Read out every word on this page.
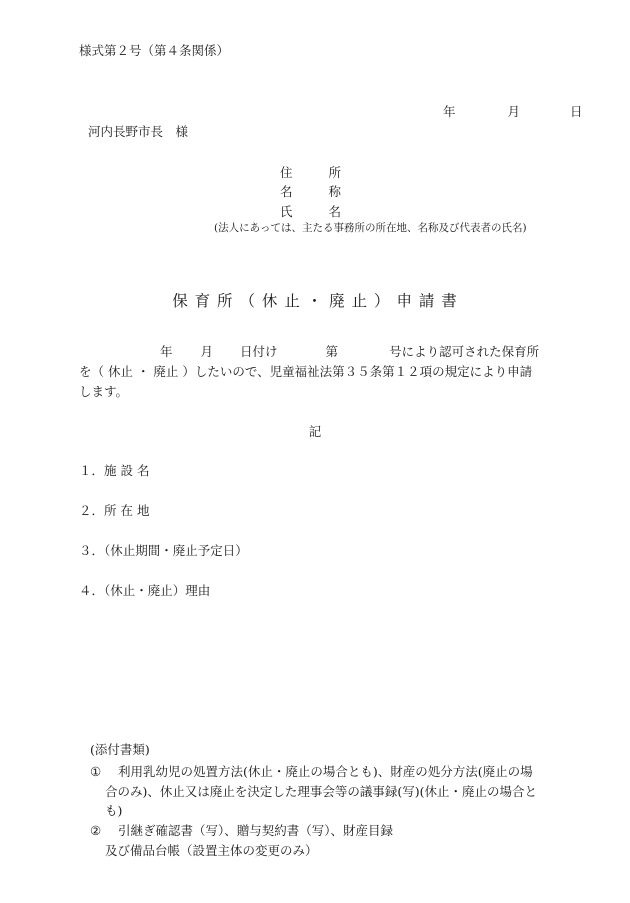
様式第２号（第４条関係）
年	月	日
河内長野市長　様
住	所
名	称
氏	名
(法人にあっては、主たる事務所の所在地、名称及び代表者の氏名)
保 育 所 （ 休 止 ・ 廃 止 ） 申 請 書
年 月 日付け	第	号により認可された保育所
を（ 休止 ・ 廃止 ）したいので、児童福祉法第３５条第１２項の規定により申請
します。
記
１．施 設 名
２．所 在 地
３．（休止期間・廃止予定日）
４．（休止・廃止）理由
(添付書類)
① 利用乳幼児の処置方法(休止・廃止の場合とも)、財産の処分方法(廃止の場
合のみ)、休止又は廃止を決定した理事会等の議事録(写)(休止・廃止の場合と
も)
② 引継ぎ確認書（写）、贈与契約書（写）、財産目録
及び備品台帳（設置主体の変更のみ）
